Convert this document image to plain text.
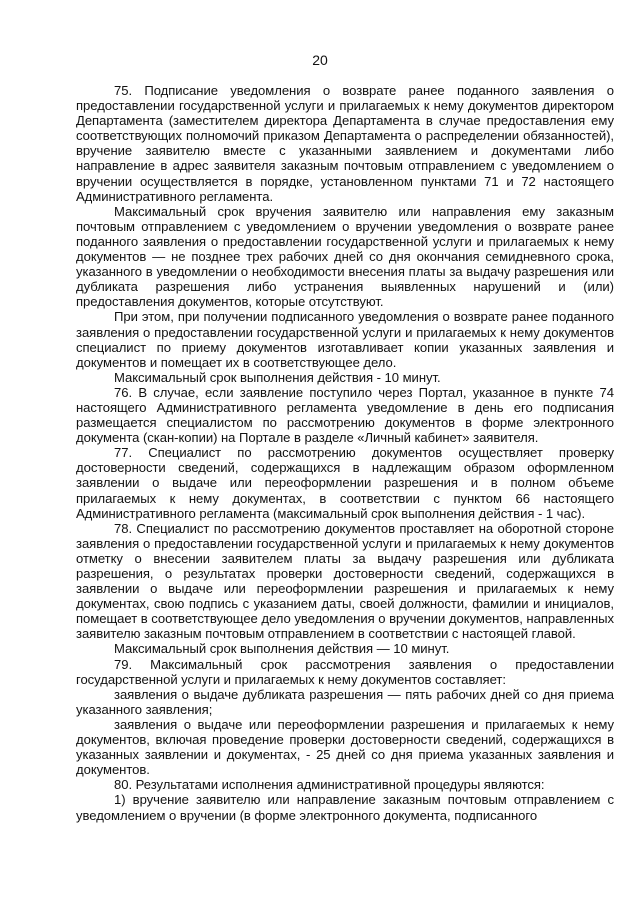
20

75. Подписание уведомления о возврате ранее поданного заявления о предоставлении государственной услуги и прилагаемых к нему документов директором Департамента (заместителем директора Департамента в случае предоставления ему соответствующих полномочий приказом Департамента о распределении обязанностей), вручение заявителю вместе с указанными заявлением и документами либо направление в адрес заявителя заказным почтовым отправлением с уведомлением о вручении осуществляется в порядке, установленном пунктами 71 и 72 настоящего Административного регламента.

Максимальный срок вручения заявителю или направления ему заказным почтовым отправлением с уведомлением о вручении уведомления о возврате ранее поданного заявления о предоставлении государственной услуги и прилагаемых к нему документов — не позднее трех рабочих дней со дня окончания семидневного срока, указанного в уведомлении о необходимости внесения платы за выдачу разрешения или дубликата разрешения либо устранения выявленных нарушений и (или) предоставления документов, которые отсутствуют.

При этом, при получении подписанного уведомления о возврате ранее поданного заявления о предоставлении государственной услуги и прилагаемых к нему документов специалист по приему документов изготавливает копии указанных заявления и документов и помещает их в соответствующее дело.

Максимальный срок выполнения действия - 10 минут.

76. В случае, если заявление поступило через Портал, указанное в пункте 74 настоящего Административного регламента уведомление в день его подписания размещается специалистом по рассмотрению документов в форме электронного документа (скан-копии) на Портале в разделе «Личный кабинет» заявителя.

77. Специалист по рассмотрению документов осуществляет проверку достоверности сведений, содержащихся в надлежащим образом оформленном заявлении о выдаче или переоформлении разрешения и в полном объеме прилагаемых к нему документах, в соответствии с пунктом 66 настоящего Административного регламента (максимальный срок выполнения действия - 1 час).

78. Специалист по рассмотрению документов проставляет на оборотной стороне заявления о предоставлении государственной услуги и прилагаемых к нему документов отметку о внесении заявителем платы за выдачу разрешения или дубликата разрешения, о результатах проверки достоверности сведений, содержащихся в заявлении о выдаче или переоформлении разрешения и прилагаемых к нему документах, свою подпись с указанием даты, своей должности, фамилии и инициалов, помещает в соответствующее дело уведомления о вручении документов, направленных заявителю заказным почтовым отправлением в соответствии с настоящей главой.

Максимальный срок выполнения действия — 10 минут.

79. Максимальный срок рассмотрения заявления о предоставлении государственной услуги и прилагаемых к нему документов составляет:

заявления о выдаче дубликата разрешения — пять рабочих дней со дня приема указанного заявления;

заявления о выдаче или переоформлении разрешения и прилагаемых к нему документов, включая проведение проверки достоверности сведений, содержащихся в указанных заявлении и документах, - 25 дней со дня приема указанных заявления и документов.

80. Результатами исполнения административной процедуры являются:

1) вручение заявителю или направление заказным почтовым отправлением с уведомлением о вручении (в форме электронного документа, подписанного
